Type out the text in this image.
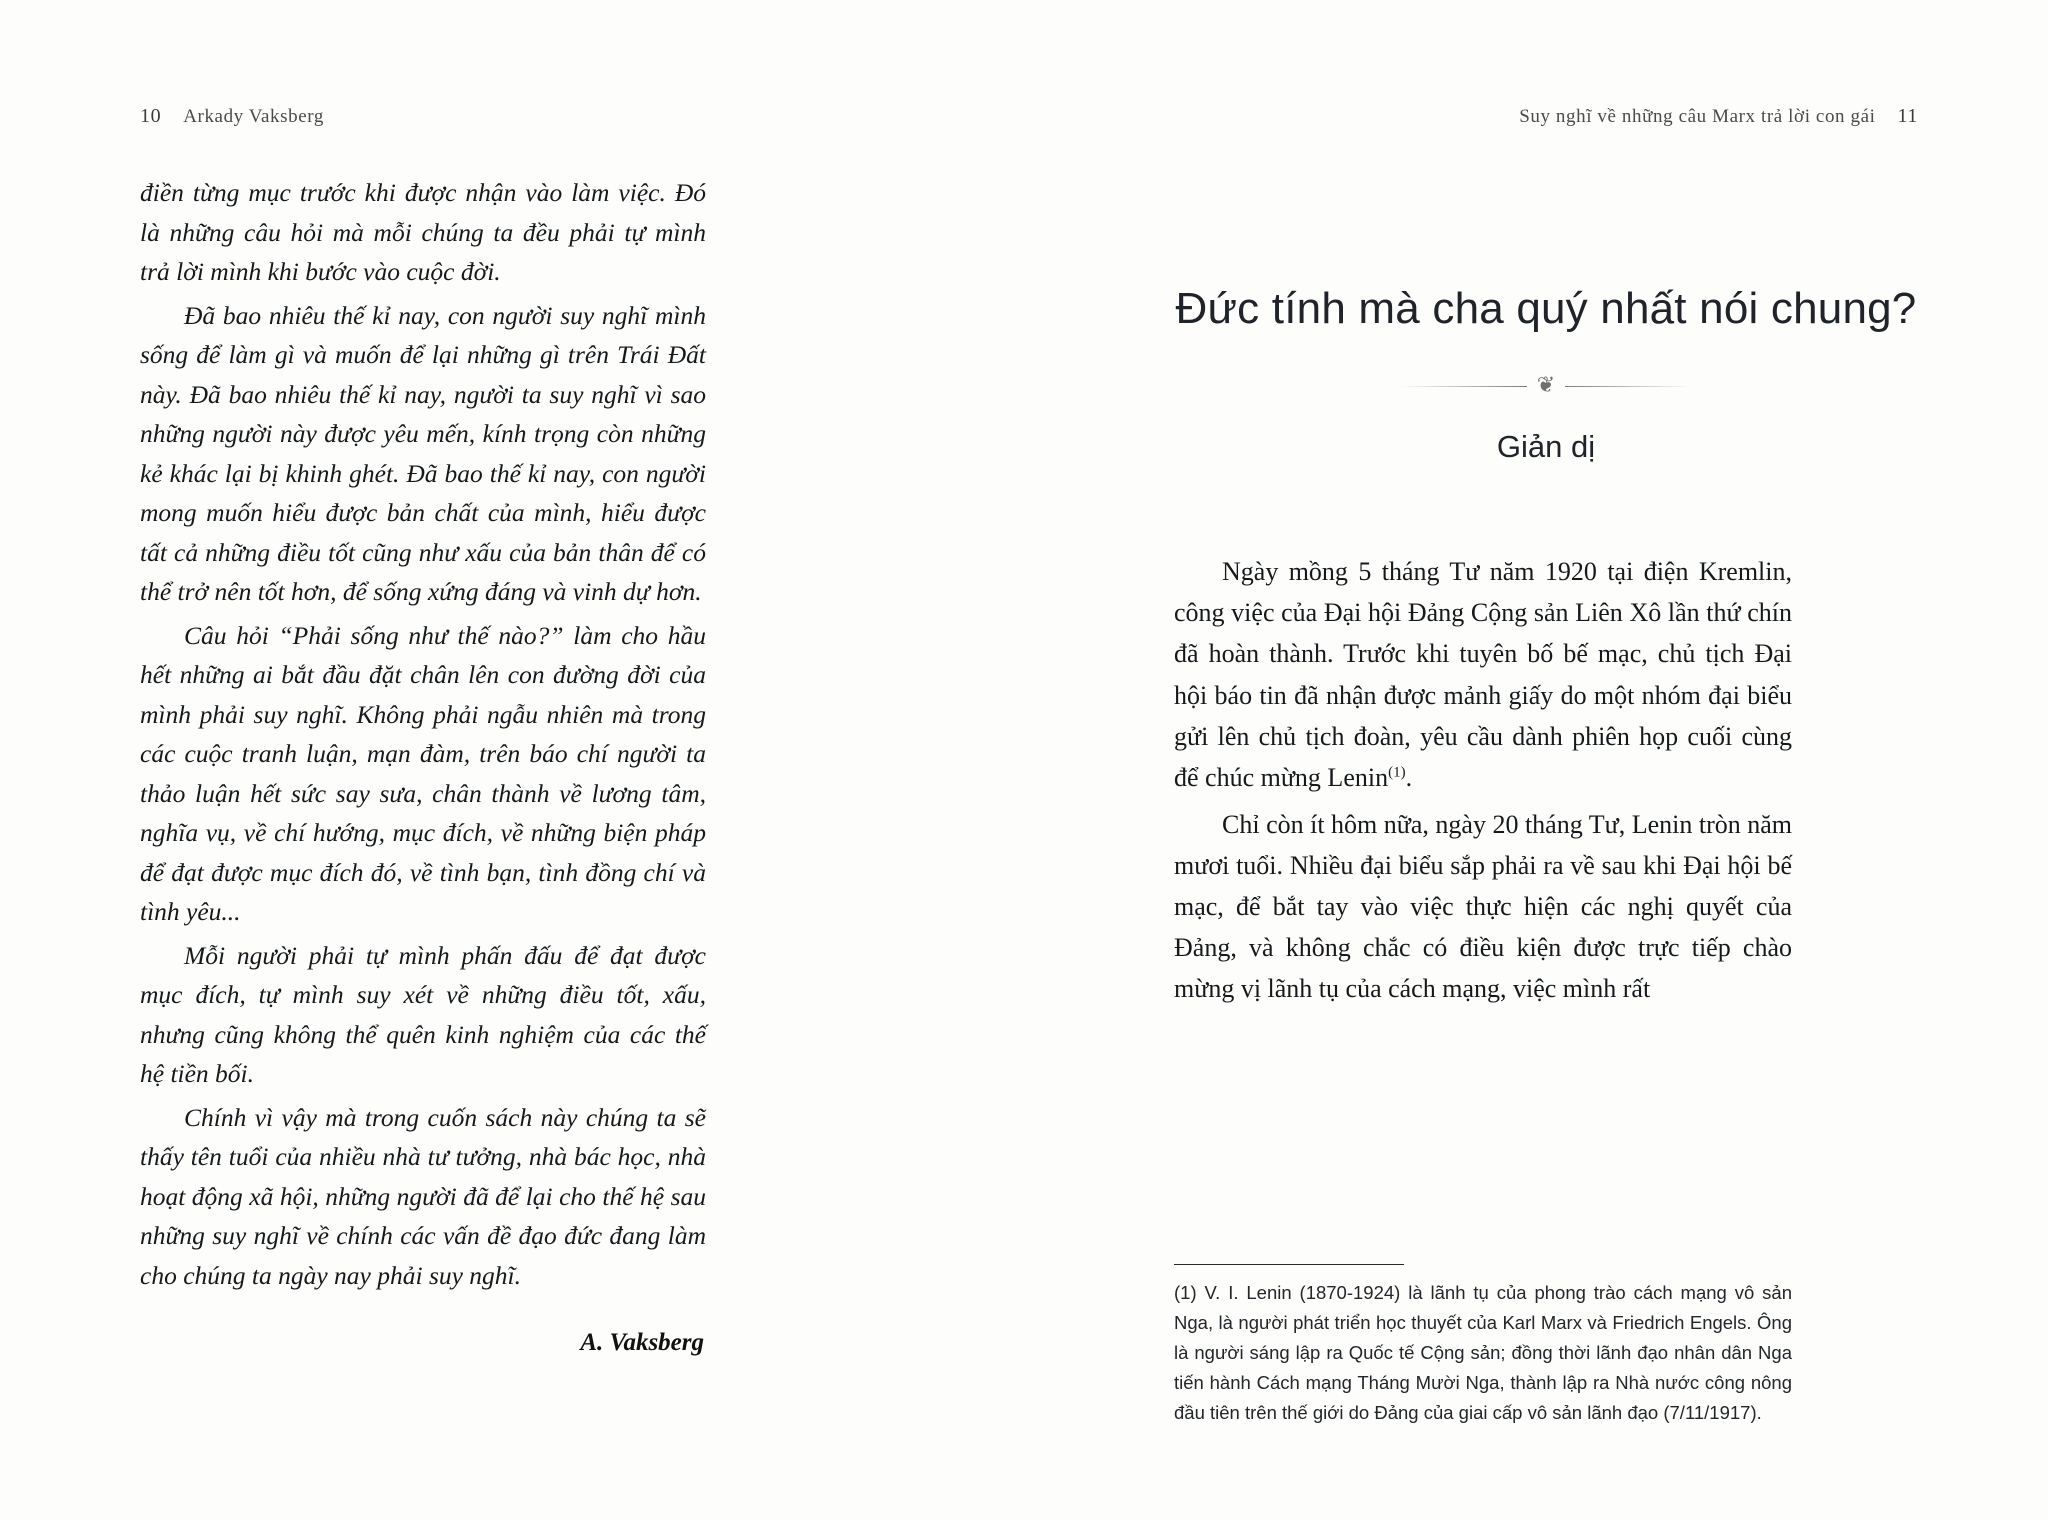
10 Arkady Vaksberg

điền từng mục trước khi được nhận vào làm việc. Đó là những câu hỏi mà mỗi chúng ta đều phải tự mình trả lời mình khi bước vào cuộc đời.

Đã bao nhiêu thế kỉ nay, con người suy nghĩ mình sống để làm gì và muốn để lại những gì trên Trái Đất này. Đã bao nhiêu thế kỉ nay, người ta suy nghĩ vì sao những người này được yêu mến, kính trọng còn những kẻ khác lại bị khinh ghét. Đã bao thế kỉ nay, con người mong muốn hiểu được bản chất của mình, hiểu được tất cả những điều tốt cũng như xấu của bản thân để có thể trở nên tốt hơn, để sống xứng đáng và vinh dự hơn.

Câu hỏi “Phải sống như thế nào?” làm cho hầu hết những ai bắt đầu đặt chân lên con đường đời của mình phải suy nghĩ. Không phải ngẫu nhiên mà trong các cuộc tranh luận, mạn đàm, trên báo chí người ta thảo luận hết sức say sưa, chân thành về lương tâm, nghĩa vụ, về chí hướng, mục đích, về những biện pháp để đạt được mục đích đó, về tình bạn, tình đồng chí và tình yêu...

Mỗi người phải tự mình phấn đấu để đạt được mục đích, tự mình suy xét về những điều tốt, xấu, nhưng cũng không thể quên kinh nghiệm của các thế hệ tiền bối.

Chính vì vậy mà trong cuốn sách này chúng ta sẽ thấy tên tuổi của nhiều nhà tư tưởng, nhà bác học, nhà hoạt động xã hội, những người đã để lại cho thế hệ sau những suy nghĩ về chính các vấn đề đạo đức đang làm cho chúng ta ngày nay phải suy nghĩ.

A. Vaksberg
Suy nghĩ về những câu Marx trả lời con gái 11
Đức tính mà cha quý nhất nói chung?
❦
Giản dị

Ngày mồng 5 tháng Tư năm 1920 tại điện Kremlin, công việc của Đại hội Đảng Cộng sản Liên Xô lần thứ chín đã hoàn thành. Trước khi tuyên bố bế mạc, chủ tịch Đại hội báo tin đã nhận được mảnh giấy do một nhóm đại biểu gửi lên chủ tịch đoàn, yêu cầu dành phiên họp cuối cùng để chúc mừng Lenin$^{(1)}$.

Chỉ còn ít hôm nữa, ngày 20 tháng Tư, Lenin tròn năm mươi tuổi. Nhiều đại biểu sắp phải ra về sau khi Đại hội bế mạc, để bắt tay vào việc thực hiện các nghị quyết của Đảng, và không chắc có điều kiện được trực tiếp chào mừng vị lãnh tụ của cách mạng, việc mình rất

(1) V. I. Lenin (1870-1924) là lãnh tụ của phong trào cách mạng vô sản Nga, là người phát triển học thuyết của Karl Marx và Friedrich Engels. Ông là người sáng lập ra Quốc tế Cộng sản; đồng thời lãnh đạo nhân dân Nga tiến hành Cách mạng Tháng Mười Nga, thành lập ra Nhà nước công nông đầu tiên trên thế giới do Đảng của giai cấp vô sản lãnh đạo (7/11/1917).
